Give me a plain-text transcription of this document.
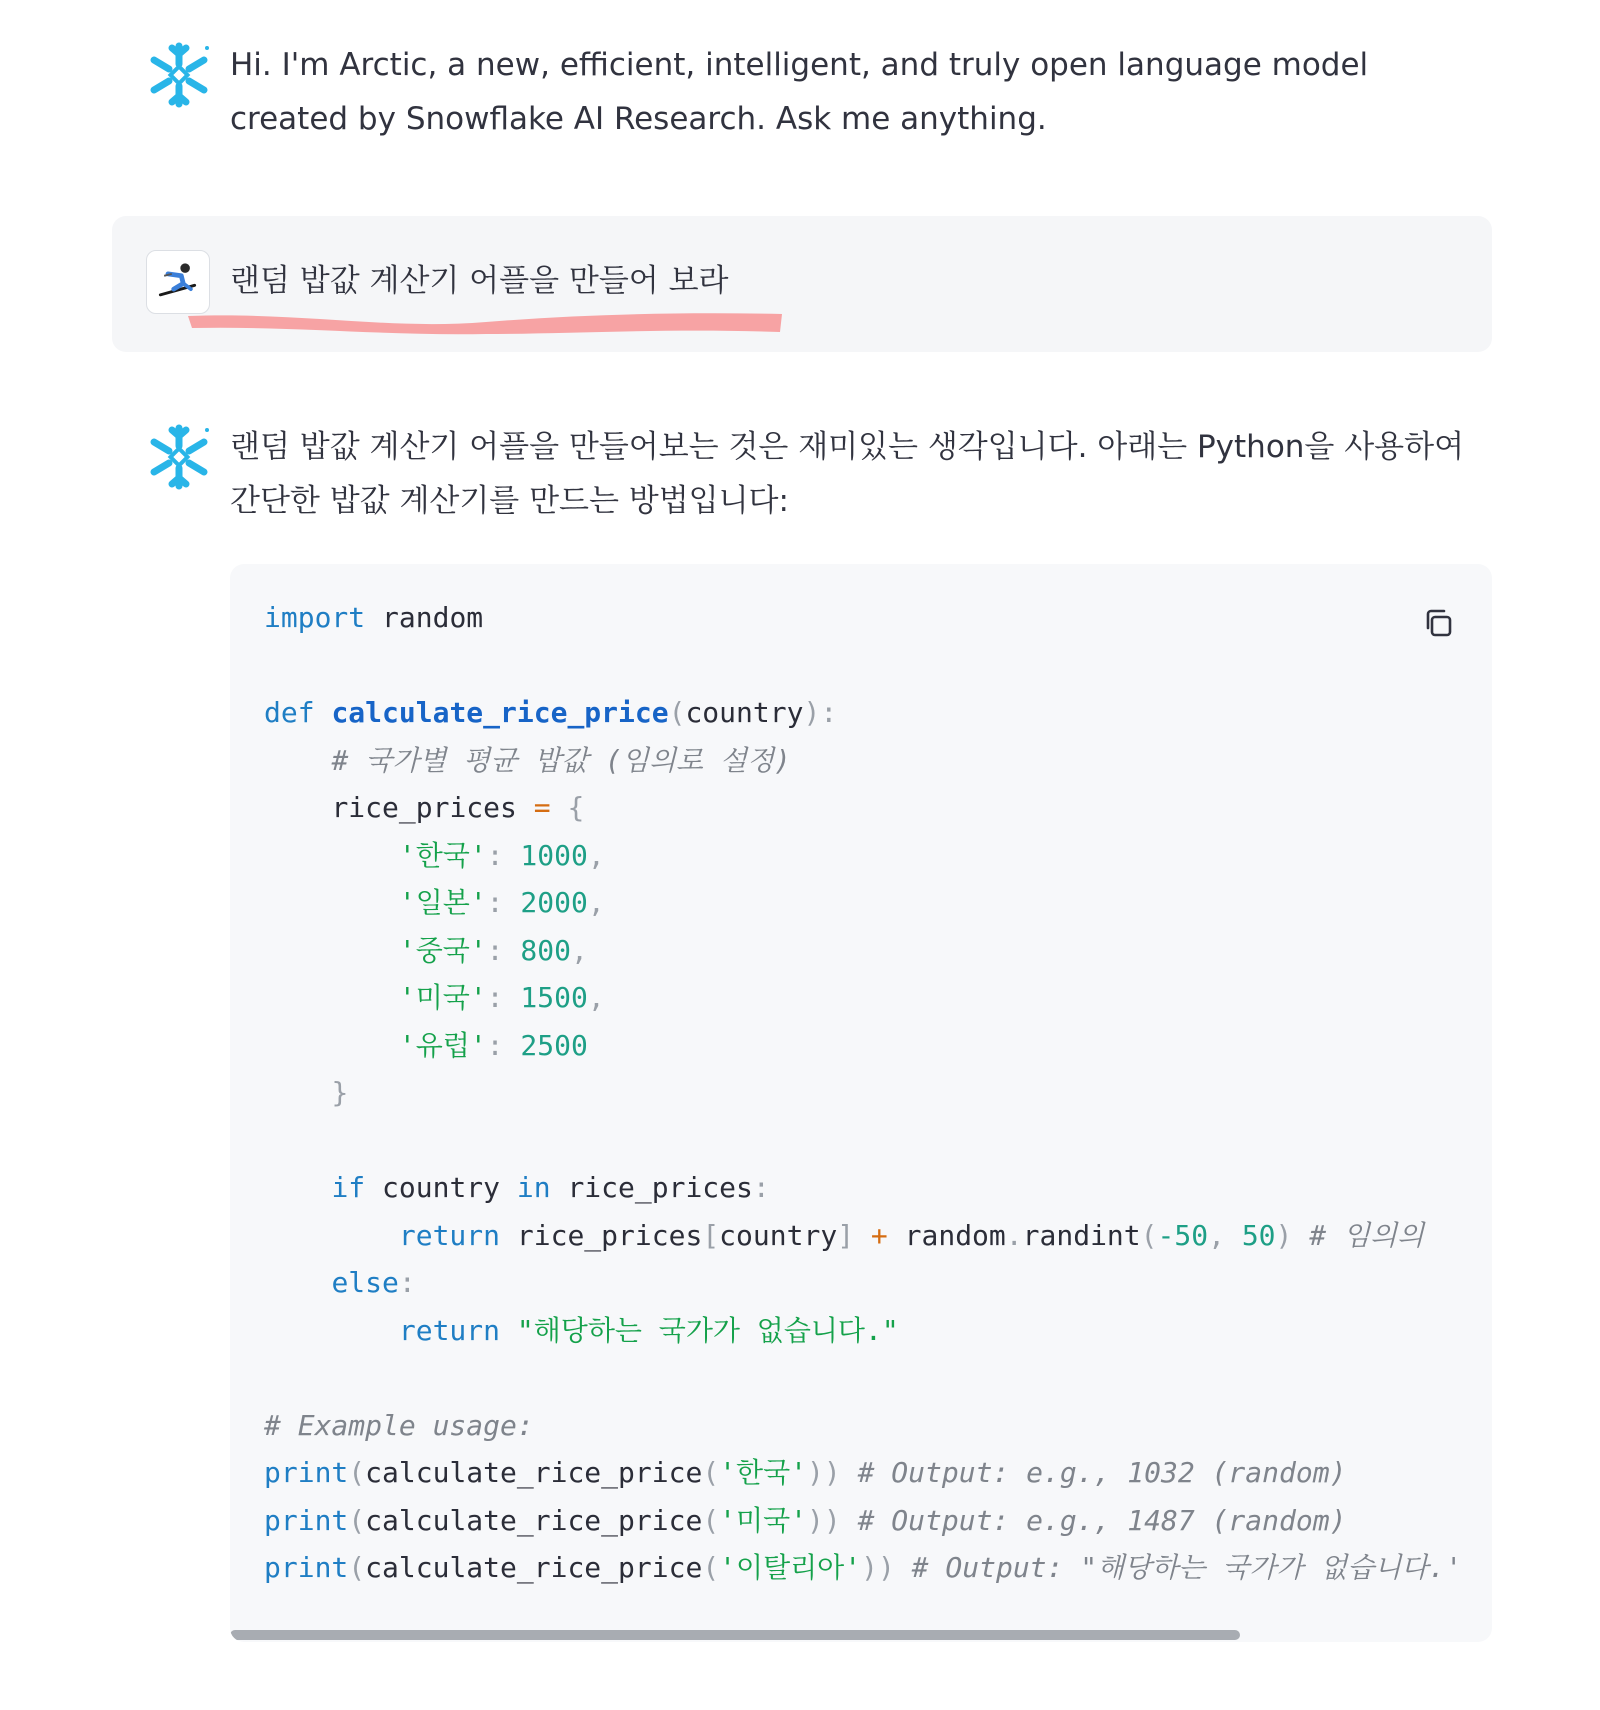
Hi. I'm Arctic, a new, efficient, intelligent, and truly open language model created by Snowflake AI Research. Ask me anything.
랜덤 밥값 계산기 어플을 만들어 보라
랜덤 밥값 계산기 어플을 만들어보는 것은 재미있는 생각입니다. 아래는 Python을 사용하여 간단한 밥값 계산기를 만드는 방법입니다:
import random

def calculate_rice_price(country):
# 국가별 평균 밥값 (임의로 설정)
rice_prices = {
'한국': 1000,
'일본': 2000,
'중국': 800,
'미국': 1500,
'유럽': 2500
}

if country in rice_prices:
return rice_prices[country] + random.randint(-50, 50) # 임의의
else:
return "해당하는 국가가 없습니다."

# Example usage:
print(calculate_rice_price('한국')) # Output: e.g., 1032 (random)
print(calculate_rice_price('미국')) # Output: e.g., 1487 (random)
print(calculate_rice_price('이탈리아')) # Output: "해당하는 국가가 없습니다.'
